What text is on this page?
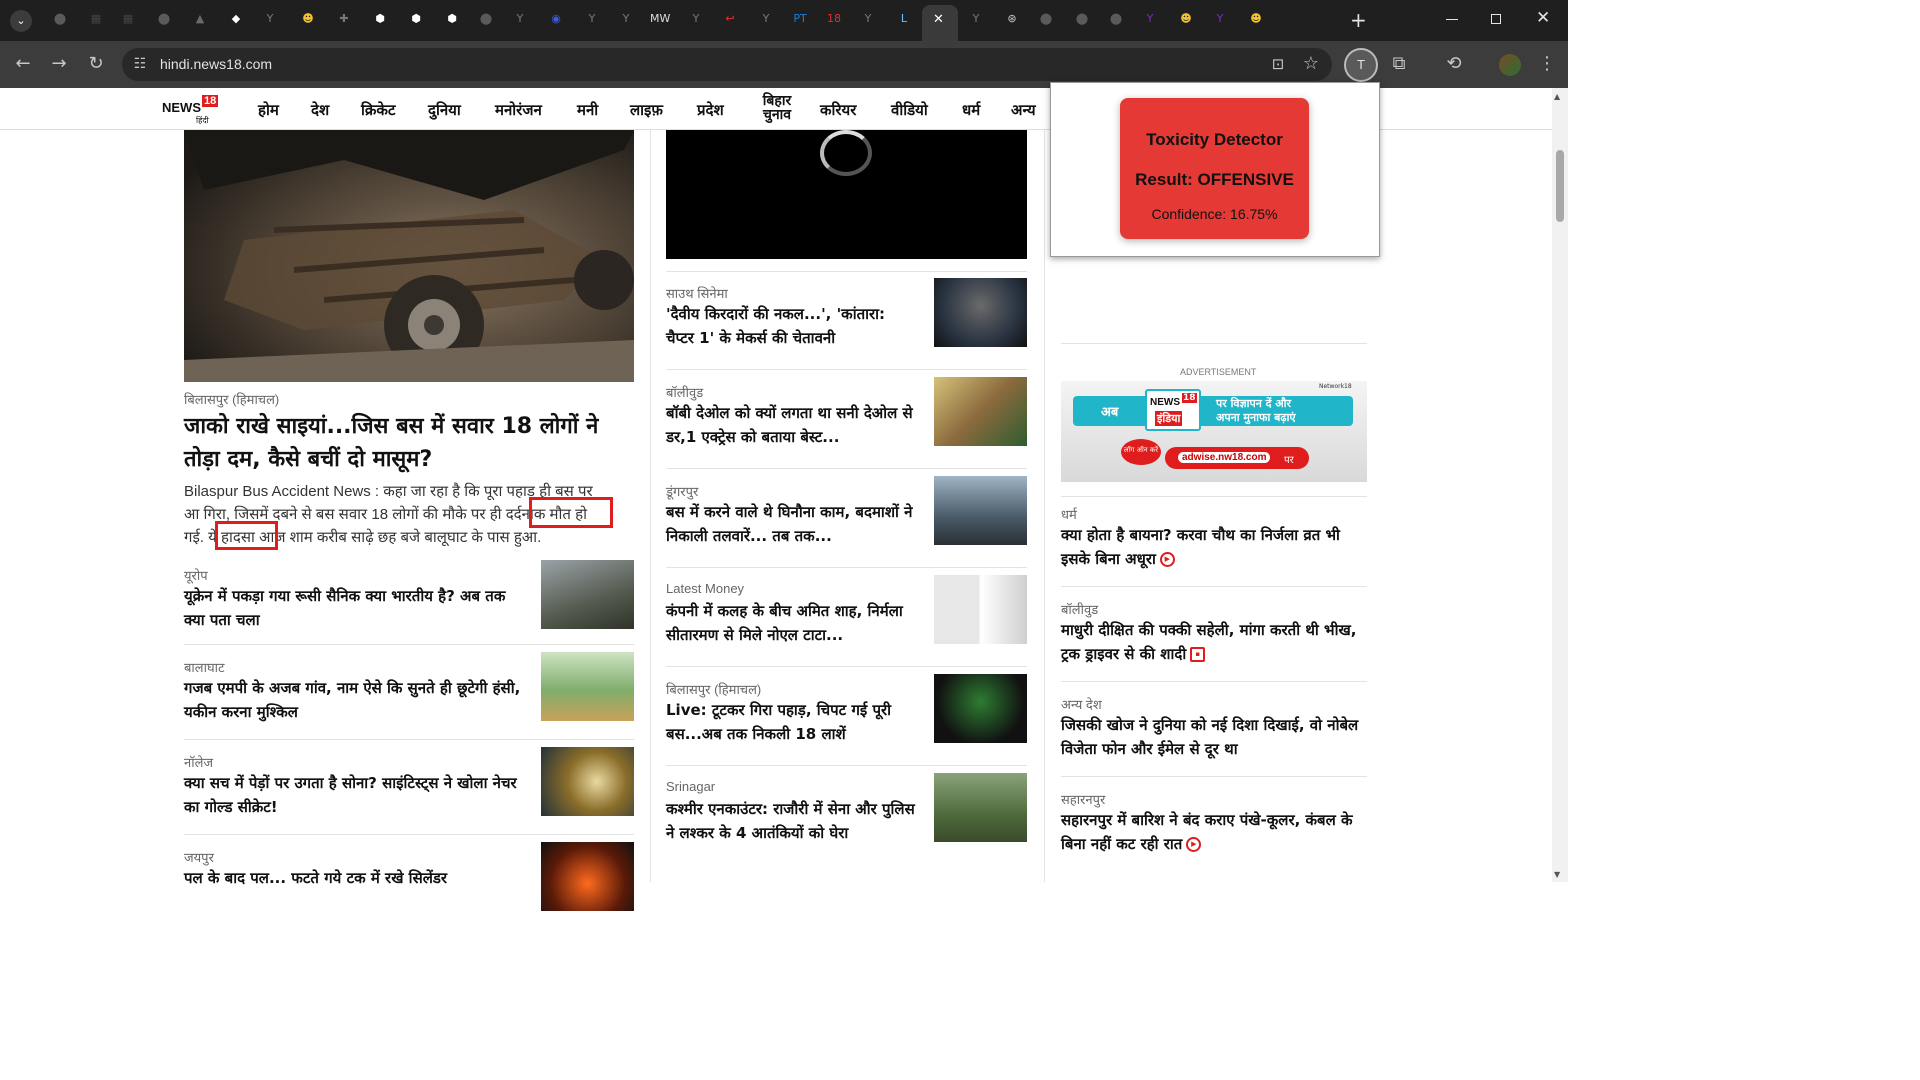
⌄	⬤	▦	▦	⬤	▲	◆	Y	☻	✚	⬢	⬢	⬢	⬤	Y	◉	Y	Y	MW	Y	↩	Y	PT	18	Y	L	Y	⊛	⬤	⬤	⬤	Y	☻	Y	☻
✕	+	✕
← → ↻	☷ hindi.news18.com	⊡	☆	T	⧉	⟲	⋮
NEWS 18
हिंदी
होम देश क्रिकेट दुनिया मनोरंजन मनी लाइफ़ प्रदेश	बिहार चुनाव	करियर वीडियो धर्म अन्य
बिलासपुर (हिमाचल)
जाको राखे साइयां...जिस बस में सवार 18 लोगों ने तोड़ा दम, कैसे बचीं दो मासूम?
Bilaspur Bus Accident News : कहा जा रहा है कि पूरा पहाड़ ही बस पर
आ गिरा, जिसमें दबने से बस सवार 18 लोगों की मौके पर ही दर्दनाक मौत हो
गई. ये हादसा आज शाम करीब साढ़े छह बजे बालूघाट के पास हुआ.
यूरोप
यूक्रेन में पकड़ा गया रूसी सैनिक क्या भारतीय है? अब तक क्या पता चला
बालाघाट
गजब एमपी के अजब गांव, नाम ऐसे कि सुनते ही छूटेगी हंसी, यकीन करना मुश्किल
नॉलेज
क्या सच में पेड़ों पर उगता है सोना? साइंटिस्ट्स ने खोला नेचर का गोल्ड सीक्रेट!
जयपुर
पल के बाद पल... फटते गये टक में रखे सिलेंडर
साउथ सिनेमा
'दैवीय किरदारों की नकल...', 'कांतारा: चैप्टर 1' के मेकर्स की चेतावनी
बॉलीवुड
बॉबी देओल को क्यों लगता था सनी देओल से डर,1 एक्ट्रेस को बताया बेस्ट...
डूंगरपुर
बस में करने वाले थे घिनौना काम, बदमाशों ने निकाली तलवारें... तब तक...
Latest Money
कंपनी में कलह के बीच अमित शाह, निर्मला सीतारमण से मिले नोएल टाटा...
बिलासपुर (हिमाचल)
Live: टूटकर गिरा पहाड़, चिपट गई पूरी बस...अब तक निकली 18 लाशें
Srinagar
कश्मीर एनकाउंटर: राजौरी में सेना और पुलिस ने लश्कर के 4 आतंकियों को घेरा
ADVERTISEMENT
अब
NEWS 18
इंडिया
पर विज्ञापन दें और
अपना मुनाफा बढ़ाएं
Network18
लॉग ऑन करें
adwise.nw18.com	पर
धर्म
क्या होता है बायना? करवा चौथ का निर्जला व्रत भी इसके बिना अधूरा ▶
बॉलीवुड
माधुरी दीक्षित की पक्की सहेली, मांगा करती थी भीख, ट्रक ड्राइवर से की शादी ▪
अन्य देश
जिसकी खोज ने दुनिया को नई दिशा दिखाई, वो नोबेल विजेता फोन और ईमेल से दूर था
सहारनपुर
सहारनपुर में बारिश ने बंद कराए पंखे-कूलर, कंबल के बिना नहीं कट रही रात ▶
Toxicity Detector
Result: OFFENSIVE
Confidence: 16.75%
▲
▼
